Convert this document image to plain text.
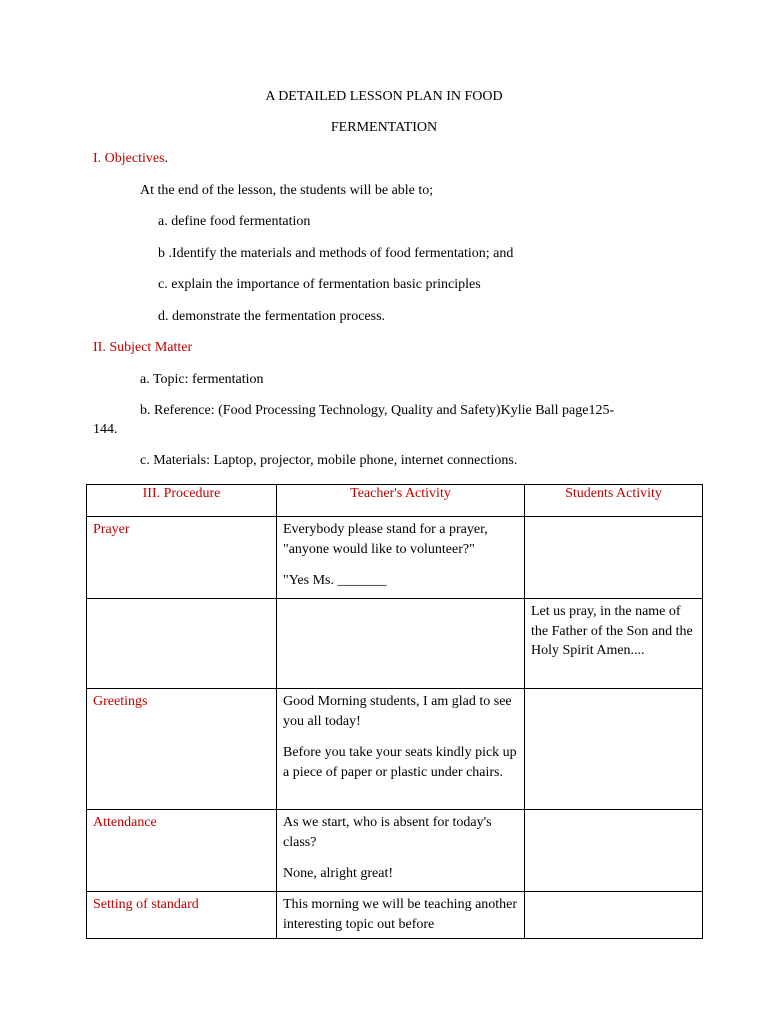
A DETAILED LESSON PLAN IN FOOD
FERMENTATION
I. Objectives.
At the end of the lesson, the students will be able to;
a. define food fermentation
b .Identify the materials and methods of food fermentation; and
c. explain the importance of fermentation basic principles
d. demonstrate the fermentation process.
II. Subject Matter
a. Topic: fermentation
b. Reference: (Food Processing Technology, Quality and Safety)Kylie Ball page125-
144.
c. Materials: Laptop, projector, mobile phone, internet connections.
III. Procedure	Teacher's Activity	Students Activity

Prayer	Everybody please stand for a prayer, "anyone would like to volunteer?"

"Yes Ms. _______	

		Let us pray, in the name of the Father of the Son and the Holy Spirit Amen....

Greetings	Good Morning students, I am glad to see you all today!

Before you take your seats kindly pick up a piece of paper or plastic under chairs.	

Attendance	As we start, who is absent for today's class?

None, alright great!	

Setting of standard	This morning we will be teaching another interesting topic out before	
